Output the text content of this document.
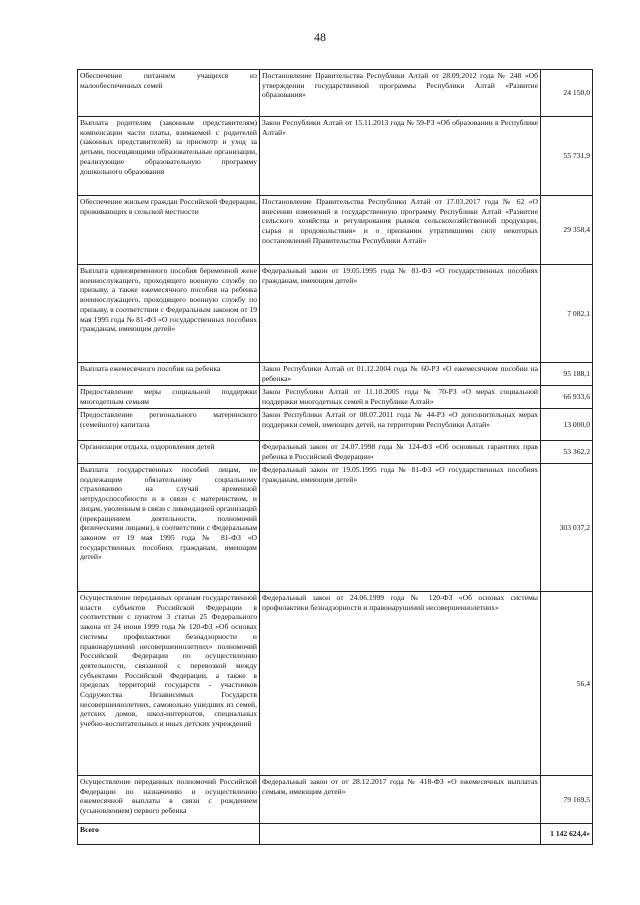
48
Обеспечение питанием учащихся из малообеспеченных семей	Постановление Правительства Республики Алтай от 28.09.2012 года № 248 «Об утверждении государственной программы Республики Алтай «Развитие образования»	24 150,0
Выплата родителям (законным представителям) компенсации части платы, взимаемой с родителей (законных представителей) за присмотр и уход за детьми, посещающими образовательные организации, реализующие образовательную программу дошкольного образования	Закон Республики Алтай от 15.11.2013 года № 59-РЗ «Об образовании в Республике Алтай»	55 731,9
Обеспечение жильем граждан Российской Федерации, проживающих в сельской местности	Постановление Правительства Республики Алтай от 17.03.2017 года № 62 «О внесении изменений в государственную программу Республики Алтай «Развитие сельского хозяйства и регулирования рынков сельскохозяйственной продукции, сырья и продовольствия» и о признании утратившими силу некоторых постановлений Правительства Республики Алтай»	29 358,4
Выплата единовременного пособия беременной жене военнослужащего, проходящего военную службу по призыву, а также ежемесячного пособия на ребенка военнослужащего, проходящего военную службу по призыву, в соответствии с Федеральным законом от 19 мая 1995 года № 81-ФЗ «О государственных пособиях гражданам, имеющим детей»	Федеральный закон от 19.05.1995 года № 81-ФЗ «О государственных пособиях гражданам, имеющим детей»	7 082,1
Выплата ежемесячного пособия на ребенка	Закон Республики Алтай от 01.12.2004 года № 60-РЗ «О ежемесячном пособии на ребенка»	95 188,1
Предоставление меры социальной поддержки многодетным семьям	Закон Республики Алтай от 11.10.2005 года № 70-РЗ «О мерах социальной поддержки многодетных семей в Республике Алтай»	66 933,6
Предоставление регионального материнского (семейного) капитала	Закон Республики Алтай от 08.07.2011 года № 44-РЗ «О дополнительных мерах поддержки семей, имеющих детей, на территории Республики Алтай»	13 000,0
Организация отдыха, оздоровления детей	Федеральный закон от 24.07.1998 года № 124-ФЗ «Об основных гарантиях прав ребенка в Российской Федерации»	53 362,2
Выплата государственных пособий лицам, не подлежащим обязательному социальному страхованию на случай временной нетрудоспособности и в связи с материнством, и лицам, уволенным в связи с ликвидацией организаций (прекращением деятельности, полномочий физическими лицами), в соответствии с Федеральным законом от 19 мая 1995 года № 81-ФЗ «О государственных пособиях гражданам, имеющим детей»	Федеральный закон от 19.05.1995 года № 81-ФЗ «О государственных пособиях гражданам, имеющим детей»	303 037,2
Осуществление переданных органам государственной власти субъектов Российской Федерации в соответствии с пунктом 3 статьи 25 Федерального закона от 24 июня 1999 года № 120-ФЗ «Об основах системы профилактики безнадзорности и правонарушений несовершеннолетних» полномочий Российской Федерации по осуществлению деятельности, связанной с перевозкой между субъектами Российской Федерации, а также в пределах территорий государств - участников Содружества Независимых Государств несовершеннолетних, самовольно ушедших из семей, детских домов, школ-интернатов, специальных учебно-воспитательных и иных детских учреждений	Федеральный закон от 24.06.1999 года № 120-ФЗ «Об основах системы профилактики безнадзорности и правонарушений несовершеннолетних»	56,4
Осуществление переданных полномочий Российской Федерации по назначению и осуществлению ежемесячной выплаты в связи с рождением (усыновлением) первого ребенка	Федеральный закон от от 28.12.2017 года № 418-ФЗ «О ежемесячных выплатах семьям, имеющим детей»	79 169,5
Всего		1 142 624,4»
